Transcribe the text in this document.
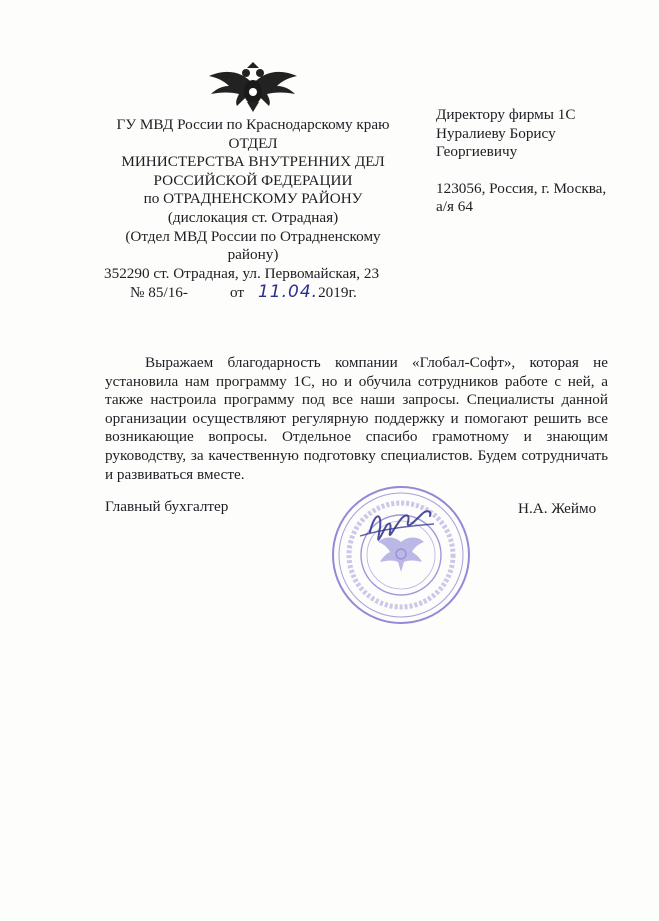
ГУ МВД России по Краснодарскому краю
ОТДЕЛ
МИНИСТЕРСТВА ВНУТРЕННИХ ДЕЛ
РОССИЙСКОЙ ФЕДЕРАЦИИ
по ОТРАДНЕНСКОМУ РАЙОНУ
(дислокация ст. Отрадная)
(Отдел МВД России по Отрадненскому
району)
352290 ст. Отрадная, ул. Первомайская, 23
№ 85/16-	от 11.04.2019г.
Директору фирмы 1С
Нуралиеву Борису
Георгиевичу
123056, Россия, г. Москва,
а/я 64

Выражаем благодарность компании «Глобал-Софт», которая не установила нам программу 1С, но и обучила сотрудников работе с ней, а также настроила программу под все наши запросы. Специалисты данной организации осуществляют регулярную поддержку и помогают решить все возникающие вопросы. Отдельное спасибо грамотному и знающим руководству, за качественную подготовку специалистов. Будем сотрудничать и развиваться вместе.

Главный бухгалтер	Н.А. Жеймо
